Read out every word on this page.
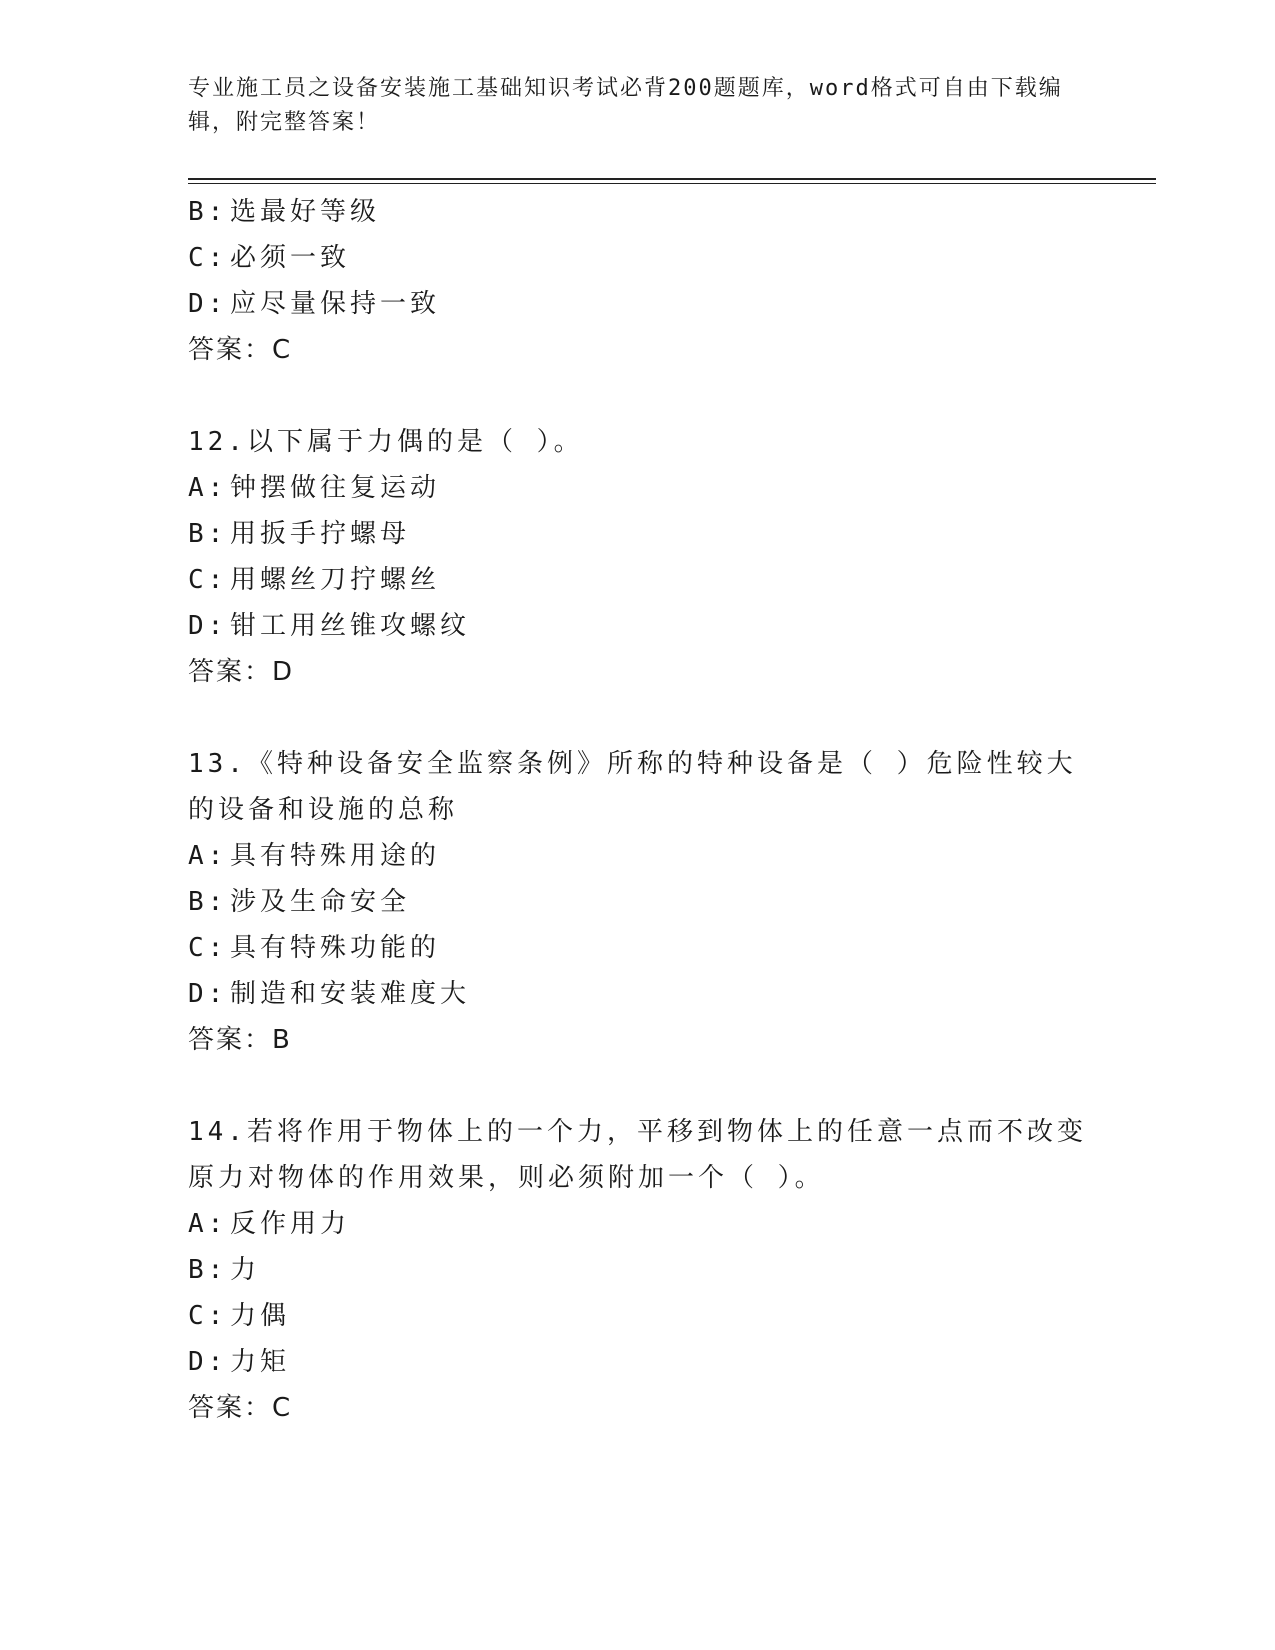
专业施工员之设备安装施工基础知识考试必背200题题库，word格式可自由下载编辑，附完整答案！
B: 选最好等级
C: 必须一致
D: 应尽量保持一致
答案：C
12.以下属于力偶的是（ ）。
A: 钟摆做往复运动
B: 用扳手拧螺母
C: 用螺丝刀拧螺丝
D: 钳工用丝锥攻螺纹
答案：D
13.《特种设备安全监察条例》所称的特种设备是（ ）危险性较大的设备和设施的总称
A: 具有特殊用途的
B: 涉及生命安全
C: 具有特殊功能的
D: 制造和安装难度大
答案：B
14.若将作用于物体上的一个力，平移到物体上的任意一点而不改变原力对物体的作用效果，则必须附加一个（ ）。
A: 反作用力
B: 力
C: 力偶
D: 力矩
答案：C
